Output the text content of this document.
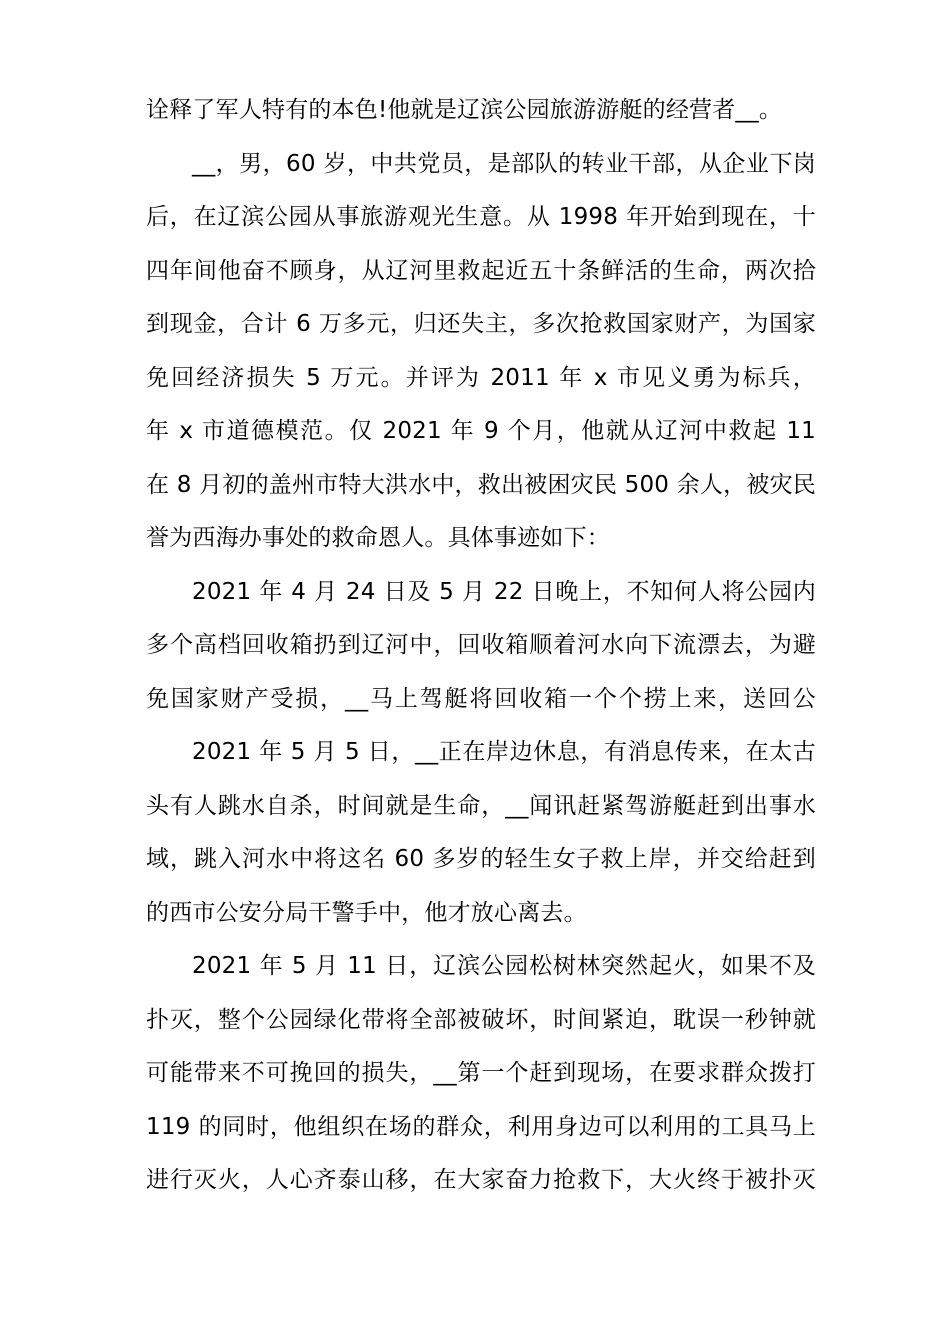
诠释了军人特有的本色!他就是辽滨公园旅游游艇的经营者__。
__，男，60 岁，中共党员，是部队的转业干部，从企业下岗
后，在辽滨公园从事旅游观光生意。从 1998 年开始到现在，十
四年间他奋不顾身，从辽河里救起近五十条鲜活的生命，两次拾
到现金，合计 6 万多元，归还失主，多次抢救国家财产，为国家
免回经济损失 5 万元。并评为 2011 年 x 市见义勇为标兵，
年 x 市道德模范。仅 2021 年 9 个月，他就从辽河中救起 11
在 8 月初的盖州市特大洪水中，救出被困灾民 500 余人，被灾民
誉为西海办事处的救命恩人。具体事迹如下：
2021 年 4 月 24 日及 5 月 22 日晚上，不知何人将公园内
多个高档回收箱扔到辽河中，回收箱顺着河水向下流漂去，为避
免国家财产受损，__马上驾艇将回收箱一个个捞上来，送回公
2021 年 5 月 5 日，__正在岸边休息，有消息传来，在太古
头有人跳水自杀，时间就是生命，__闻讯赶紧驾游艇赶到出事水
域，跳入河水中将这名 60 多岁的轻生女子救上岸，并交给赶到
的西市公安分局干警手中，他才放心离去。
2021 年 5 月 11 日，辽滨公园松树林突然起火，如果不及
扑灭，整个公园绿化带将全部被破坏，时间紧迫，耽误一秒钟就
可能带来不可挽回的损失，__第一个赶到现场，在要求群众拨打
119 的同时，他组织在场的群众，利用身边可以利用的工具马上
进行灭火，人心齐泰山移，在大家奋力抢救下，大火终于被扑灭
